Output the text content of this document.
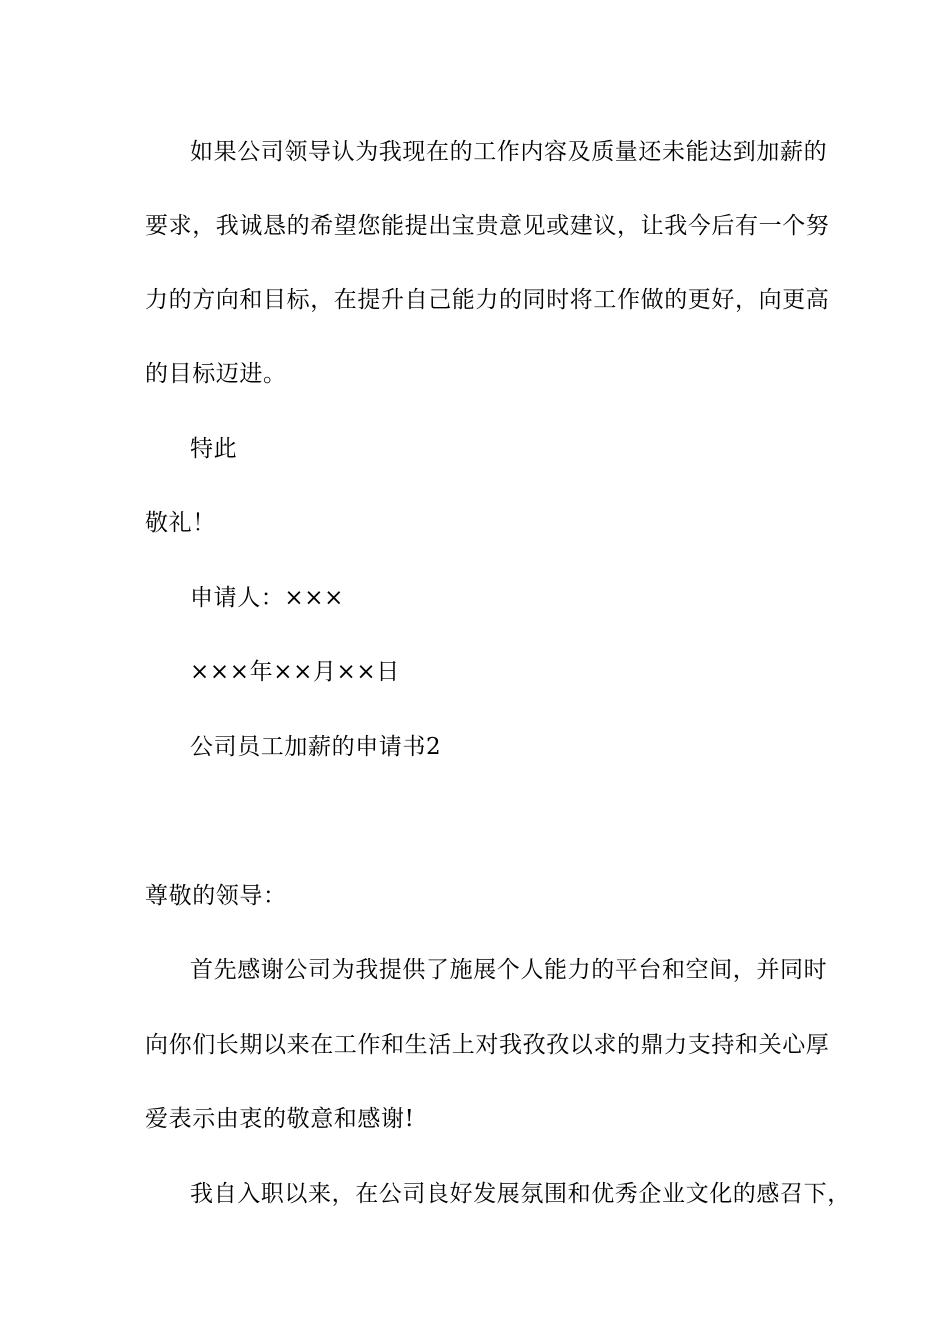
如果公司领导认为我现在的工作内容及质量还未能达到加薪的
要求，我诚恳的希望您能提出宝贵意见或建议，让我今后有一个努
力的方向和目标，在提升自己能力的同时将工作做的更好，向更高
的目标迈进。
特此
敬礼！
申请人：×××
×××年××月××日
公司员工加薪的申请书2
尊敬的领导：
首先感谢公司为我提供了施展个人能力的平台和空间，并同时
向你们长期以来在工作和生活上对我孜孜以求的鼎力支持和关心厚
爱表示由衷的敬意和感谢!
我自入职以来，在公司良好发展氛围和优秀企业文化的感召下，
